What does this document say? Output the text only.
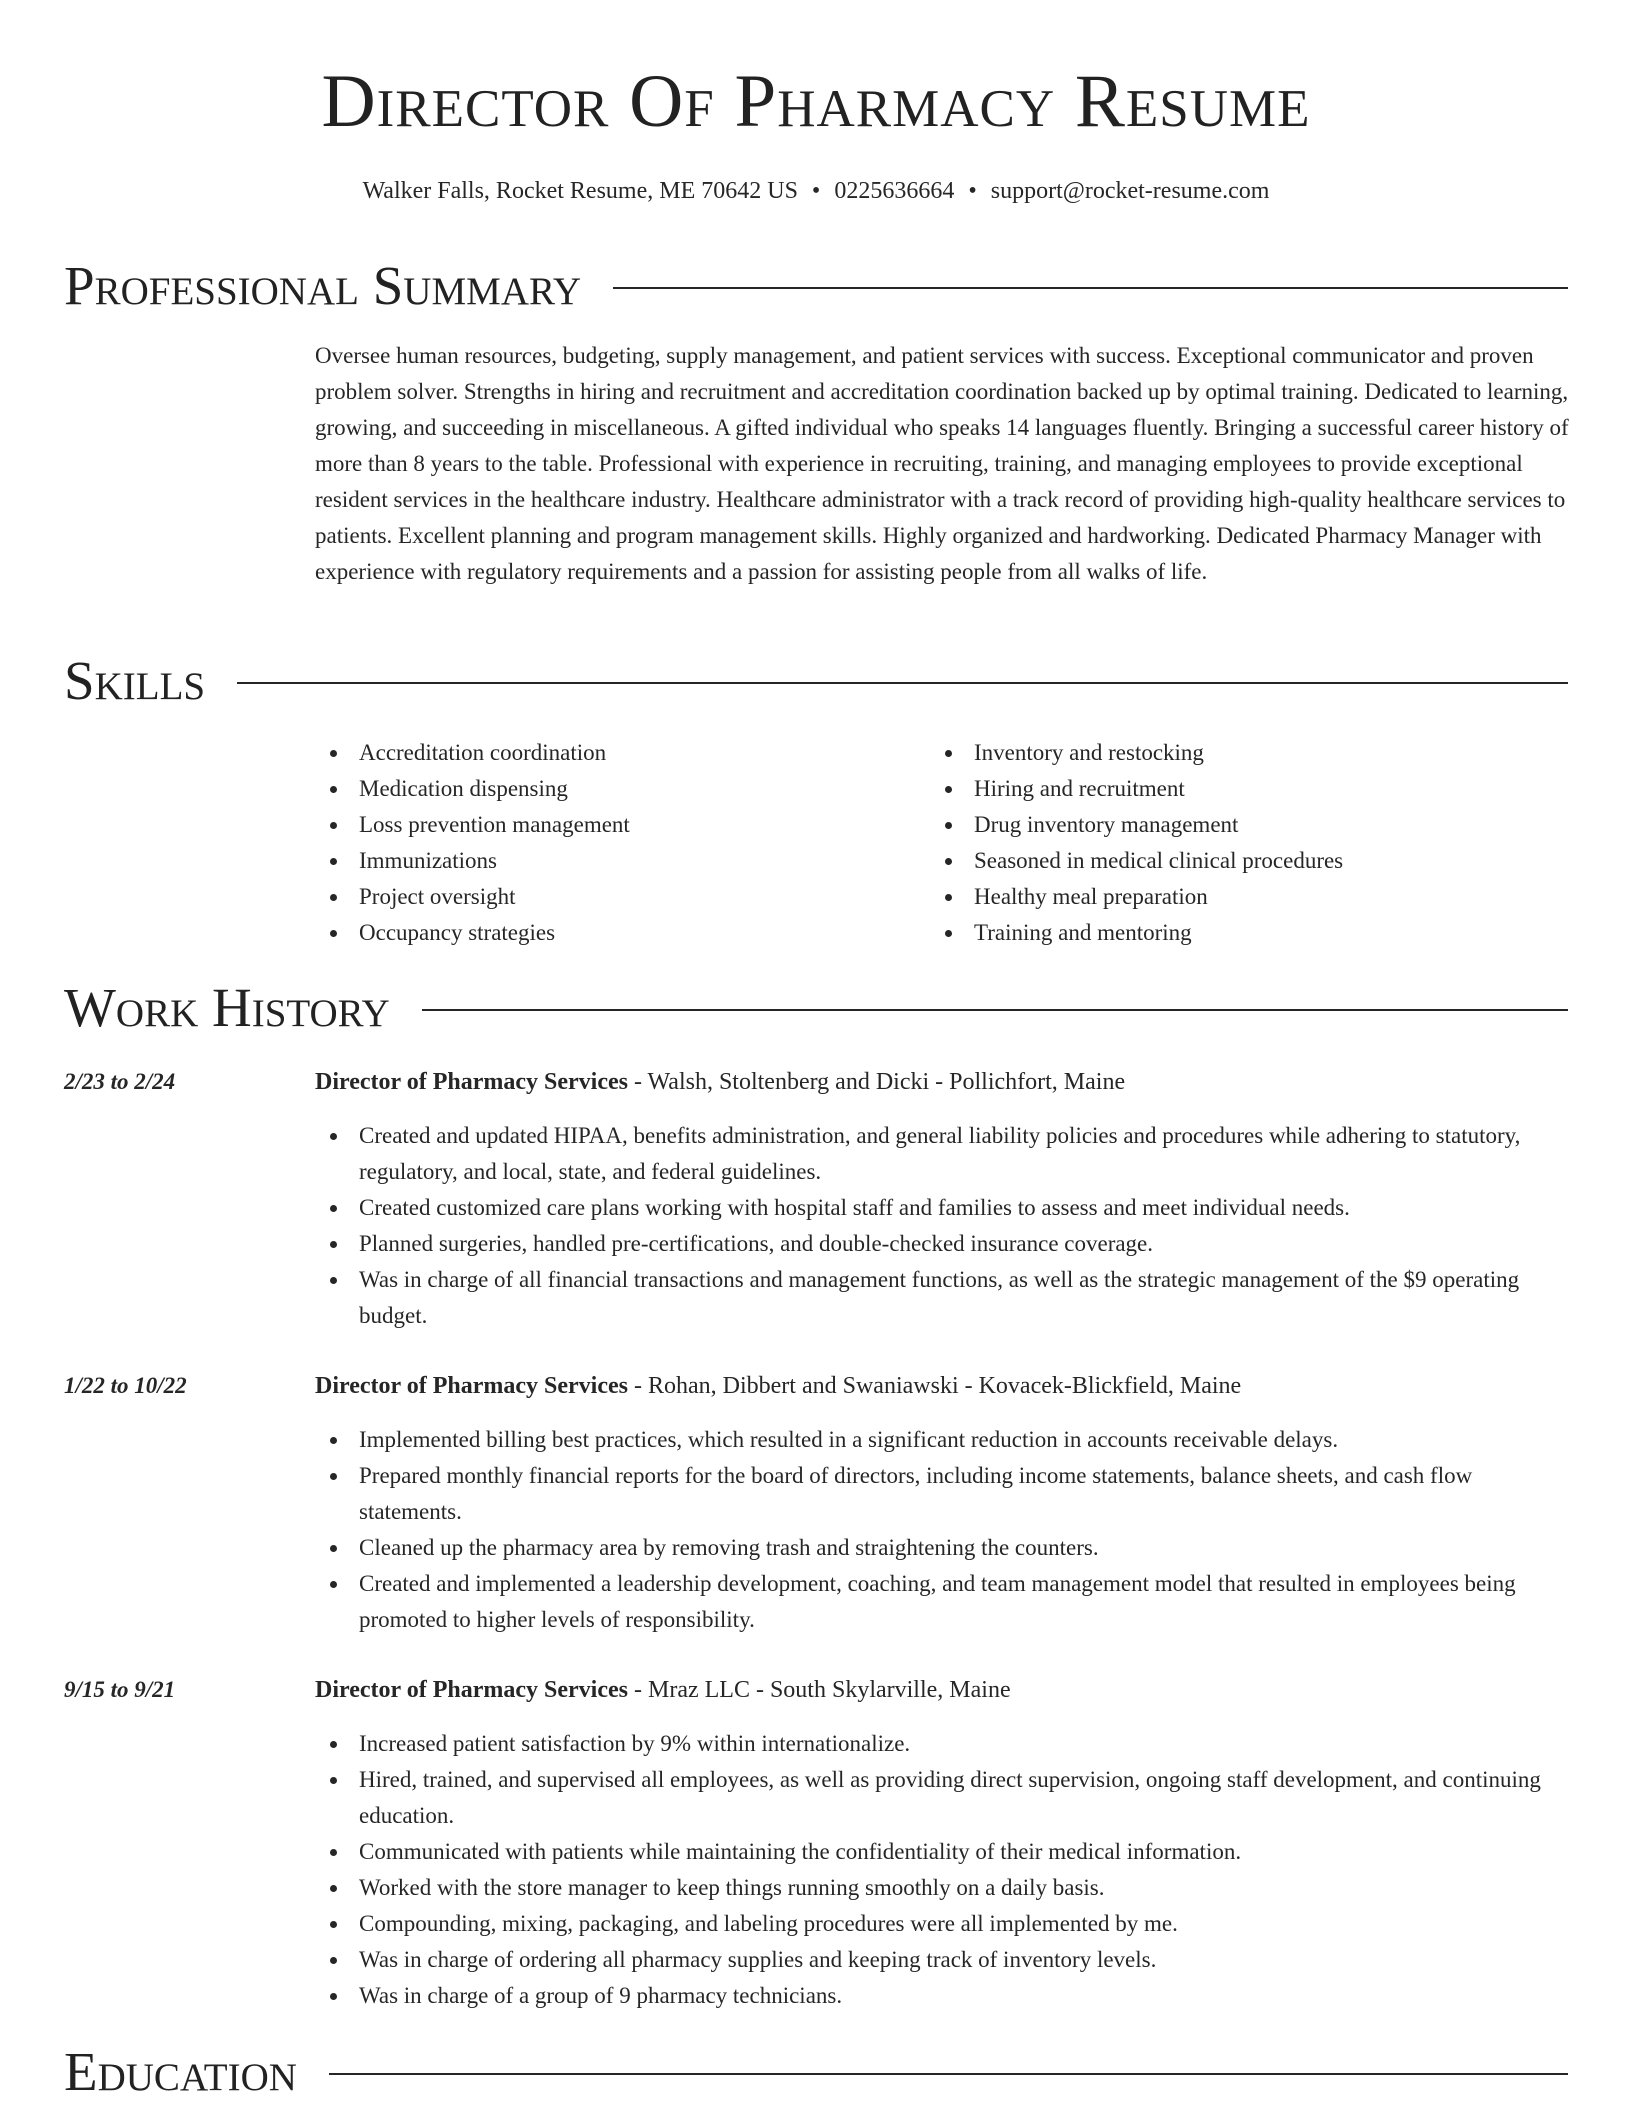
Director Of Pharmacy Resume
Walker Falls, Rocket Resume, ME 70642 US • 0225636664 • support@rocket-resume.com
Professional Summary
Oversee human resources, budgeting, supply management, and patient services with success. Exceptional communicator and proven problem solver. Strengths in hiring and recruitment and accreditation coordination backed up by optimal training. Dedicated to learning, growing, and succeeding in miscellaneous. A gifted individual who speaks 14 languages fluently. Bringing a successful career history of more than 8 years to the table. Professional with experience in recruiting, training, and managing employees to provide exceptional resident services in the healthcare industry. Healthcare administrator with a track record of providing high-quality healthcare services to patients. Excellent planning and program management skills. Highly organized and hardworking. Dedicated Pharmacy Manager with experience with regulatory requirements and a passion for assisting people from all walks of life.
Skills
Accreditation coordination
Medication dispensing
Loss prevention management
Immunizations
Project oversight
Occupancy strategies
Inventory and restocking
Hiring and recruitment
Drug inventory management
Seasoned in medical clinical procedures
Healthy meal preparation
Training and mentoring
Work History
2/23 to 2/24	Director of Pharmacy Services - Walsh, Stoltenberg and Dicki - Pollichfort, Maine
Created and updated HIPAA, benefits administration, and general liability policies and procedures while adhering to statutory, regulatory, and local, state, and federal guidelines.
Created customized care plans working with hospital staff and families to assess and meet individual needs.
Planned surgeries, handled pre-certifications, and double-checked insurance coverage.
Was in charge of all financial transactions and management functions, as well as the strategic management of the $9 operating budget.
1/22 to 10/22	Director of Pharmacy Services - Rohan, Dibbert and Swaniawski - Kovacek-Blickfield, Maine
Implemented billing best practices, which resulted in a significant reduction in accounts receivable delays.
Prepared monthly financial reports for the board of directors, including income statements, balance sheets, and cash flow statements.
Cleaned up the pharmacy area by removing trash and straightening the counters.
Created and implemented a leadership development, coaching, and team management model that resulted in employees being promoted to higher levels of responsibility.
9/15 to 9/21	Director of Pharmacy Services - Mraz LLC - South Skylarville, Maine
Increased patient satisfaction by 9% within internationalize.
Hired, trained, and supervised all employees, as well as providing direct supervision, ongoing staff development, and continuing education.
Communicated with patients while maintaining the confidentiality of their medical information.
Worked with the store manager to keep things running smoothly on a daily basis.
Compounding, mixing, packaging, and labeling procedures were all implemented by me.
Was in charge of ordering all pharmacy supplies and keeping track of inventory levels.
Was in charge of a group of 9 pharmacy technicians.
Education
